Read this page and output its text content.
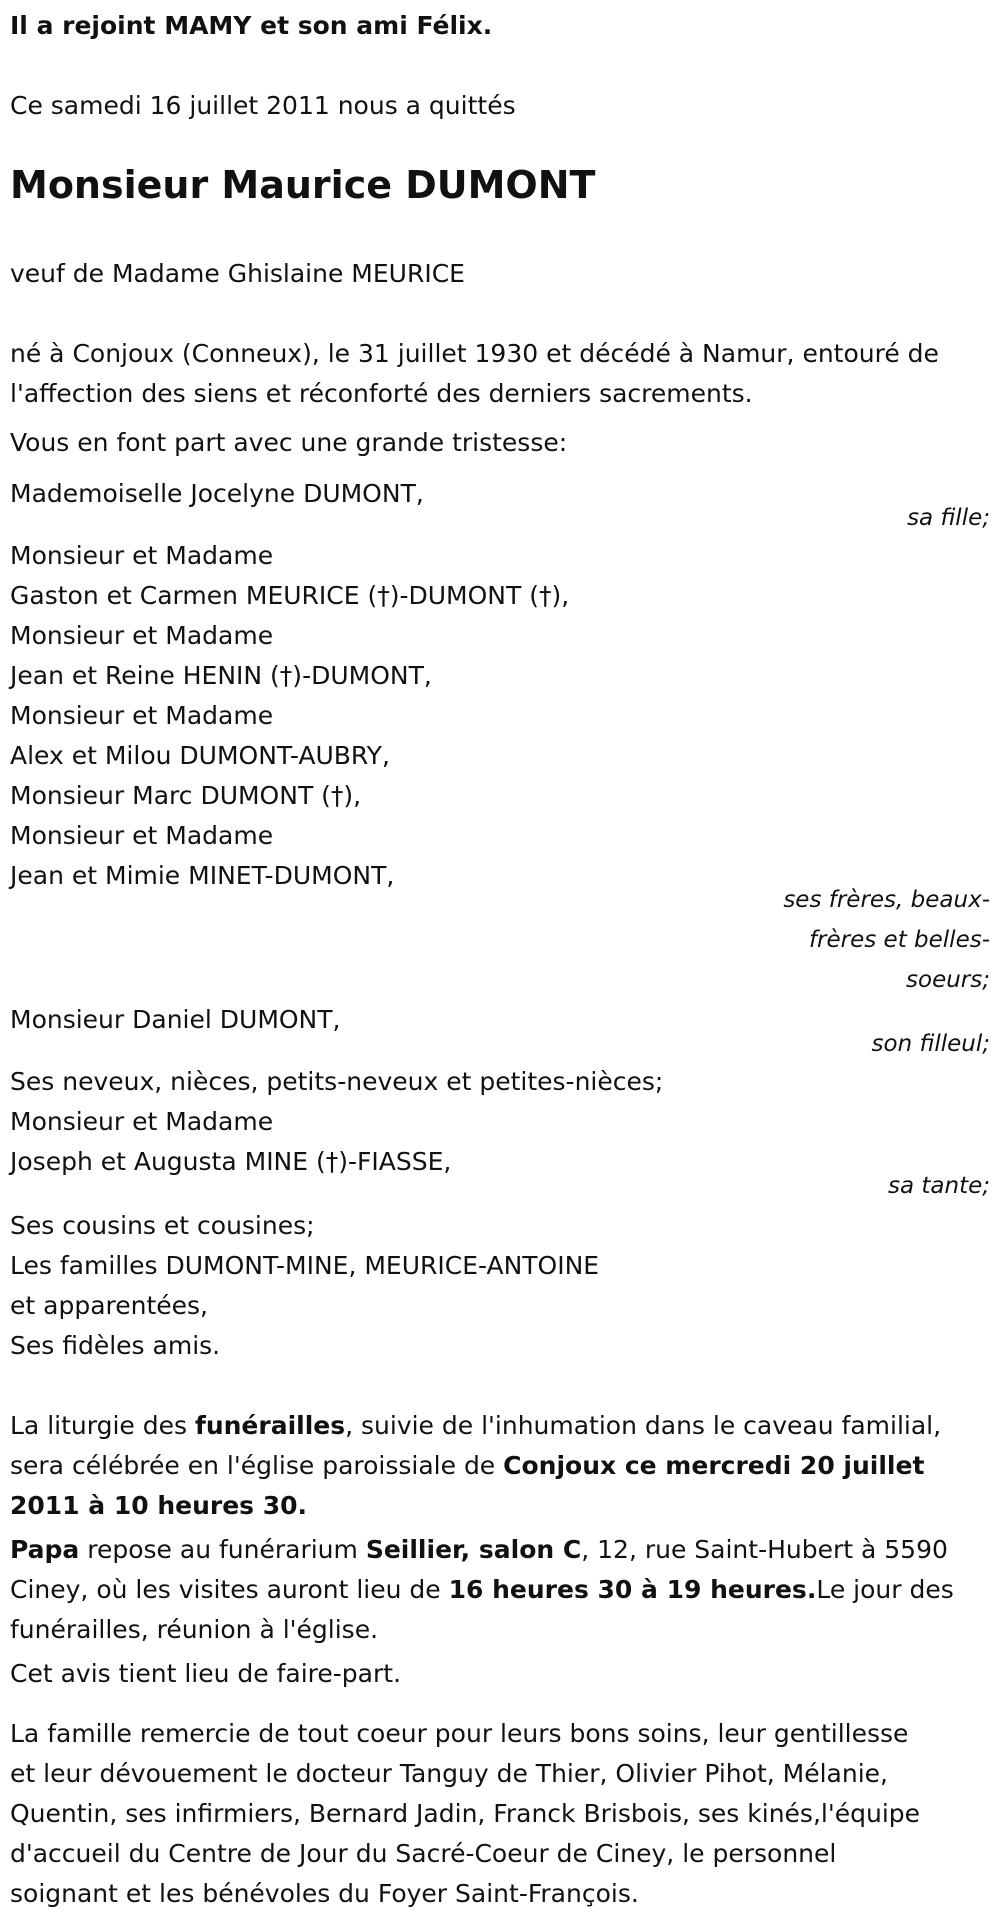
Il a rejoint MAMY et son ami Félix.

Ce samedi 16 juillet 2011 nous a quittés

Monsieur Maurice DUMONT

veuf de Madame Ghislaine MEURICE

né à Conjoux (Conneux), le 31 juillet 1930 et décédé à Namur, entouré de
l'affection des siens et réconforté des derniers sacrements.

Vous en font part avec une grande tristesse:

Mademoiselle Jocelyne DUMONT,

sa fille;
Monsieur et Madame
Gaston et Carmen MEURICE (†)-DUMONT (†),
Monsieur et Madame
Jean et Reine HENIN (†)-DUMONT,
Monsieur et Madame
Alex et Milou DUMONT-AUBRY,
Monsieur Marc DUMONT (†),
Monsieur et Madame
Jean et Mimie MINET-DUMONT,
ses frères, beaux-
frères et belles-
soeurs;

Monsieur Daniel DUMONT,

son filleul;

Ses neveux, nièces, petits-neveux et petites-nièces;

Monsieur et Madame
Joseph et Augusta MINE (†)-FIASSE,
sa tante;
Ses cousins et cousines;
Les familles DUMONT-MINE, MEURICE-ANTOINE
et apparentées,
Ses fidèles amis.
La liturgie des funérailles, suivie de l'inhumation dans le caveau familial,
sera célébrée en l'église paroissiale de Conjoux ce mercredi 20 juillet
2011 à 10 heures 30.
Papa repose au funérarium Seillier, salon C, 12, rue Saint-Hubert à 5590
Ciney, où les visites auront lieu de 16 heures 30 à 19 heures.Le jour des
funérailles, réunion à l'église.

Cet avis tient lieu de faire-part.

La famille remercie de tout coeur pour leurs bons soins, leur gentillesse
et leur dévouement le docteur Tanguy de Thier, Olivier Pihot, Mélanie,
Quentin, ses infirmiers, Bernard Jadin, Franck Brisbois, ses kinés,l'équipe
d'accueil du Centre de Jour du Sacré-Coeur de Ciney, le personnel
soignant et les bénévoles du Foyer Saint-François.
